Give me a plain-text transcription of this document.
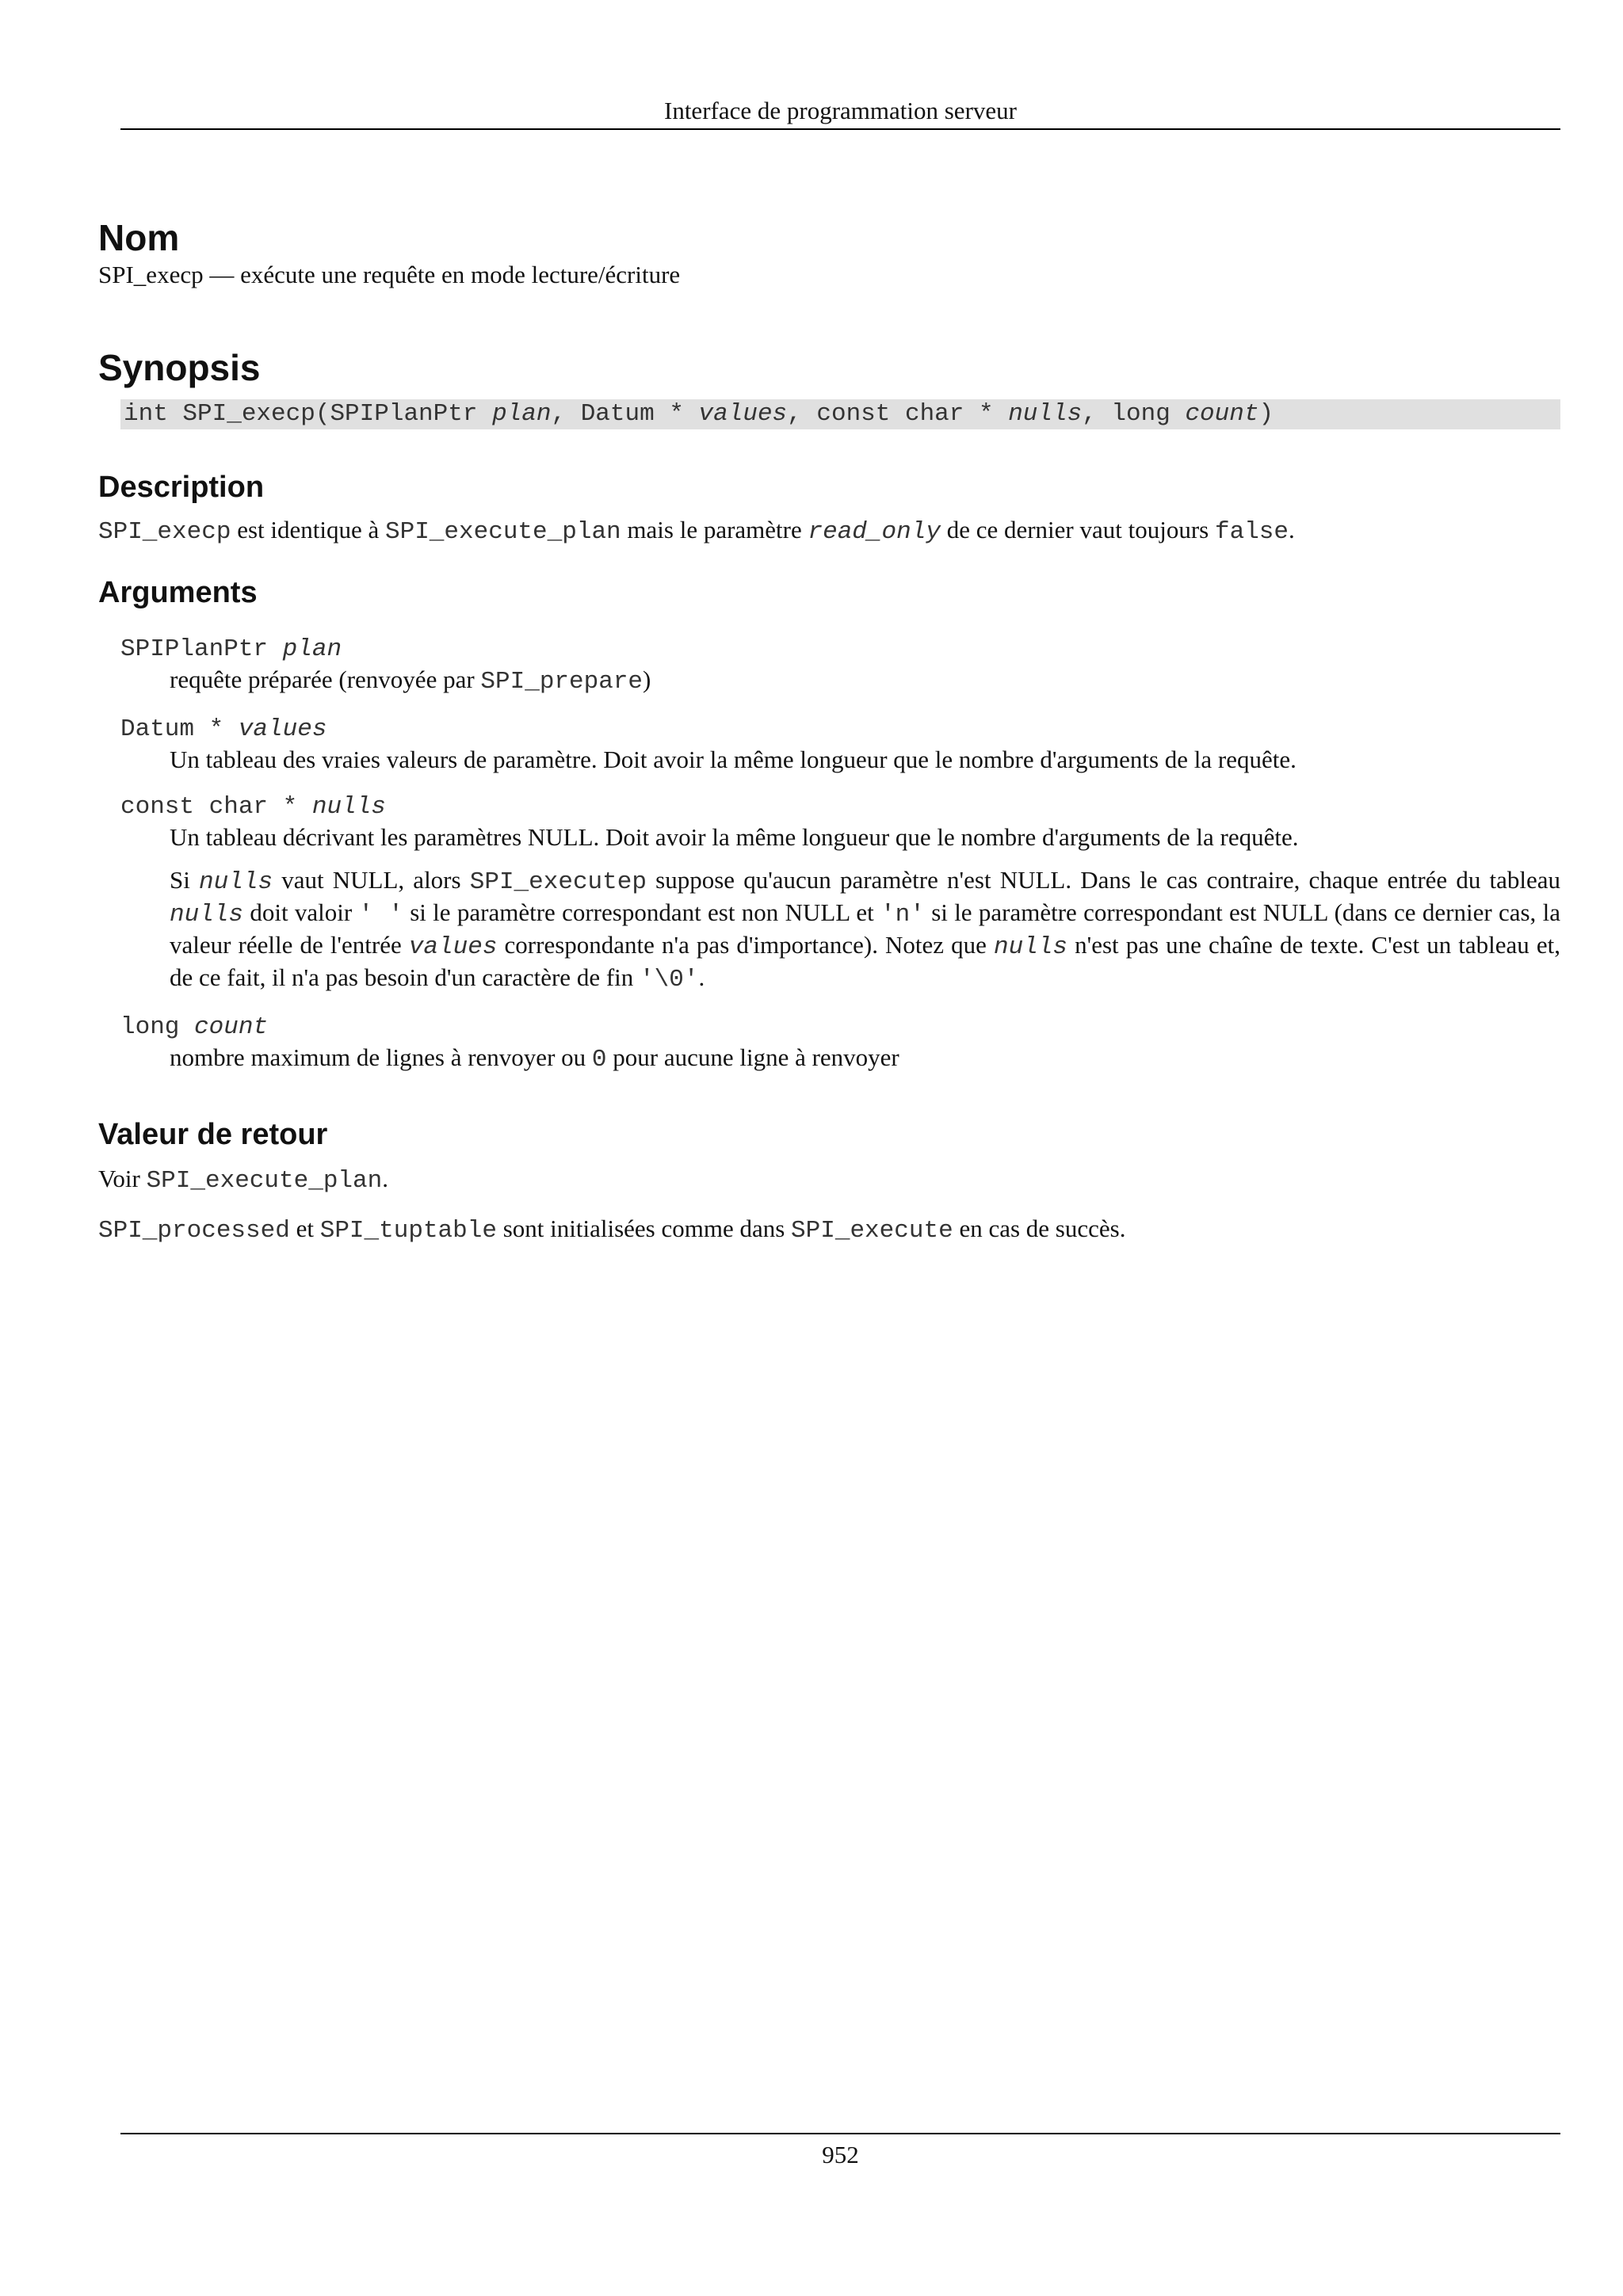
Interface de programmation serveur
Nom

SPI_execp — exécute une requête en mode lecture/écriture

Synopsis
int SPI_execp(SPIPlanPtr plan, Datum * values, const char * nulls, long count)
Description

SPI_execp est identique à SPI_execute_plan mais le paramètre read_only de ce dernier vaut toujours false.

Arguments

SPIPlanPtr plan

requête préparée (renvoyée par SPI_prepare)

Datum * values

Un tableau des vraies valeurs de paramètre. Doit avoir la même longueur que le nombre d'arguments de la requête.

const char * nulls

Un tableau décrivant les paramètres NULL. Doit avoir la même longueur que le nombre d'arguments de la requête.

Si nulls vaut NULL, alors SPI_executep suppose qu'aucun paramètre n'est NULL. Dans le cas contraire, chaque entrée du tableau nulls doit valoir ' ' si le paramètre correspondant est non NULL et 'n' si le paramètre correspondant est NULL (dans ce dernier cas, la valeur réelle de l'entrée values correspondante n'a pas d'importance). Notez que nulls n'est pas une chaîne de texte. C'est un tableau et, de ce fait, il n'a pas besoin d'un caractère de fin '\0'.

long count

nombre maximum de lignes à renvoyer ou 0 pour aucune ligne à renvoyer

Valeur de retour

Voir SPI_execute_plan.

SPI_processed et SPI_tuptable sont initialisées comme dans SPI_execute en cas de succès.

952
